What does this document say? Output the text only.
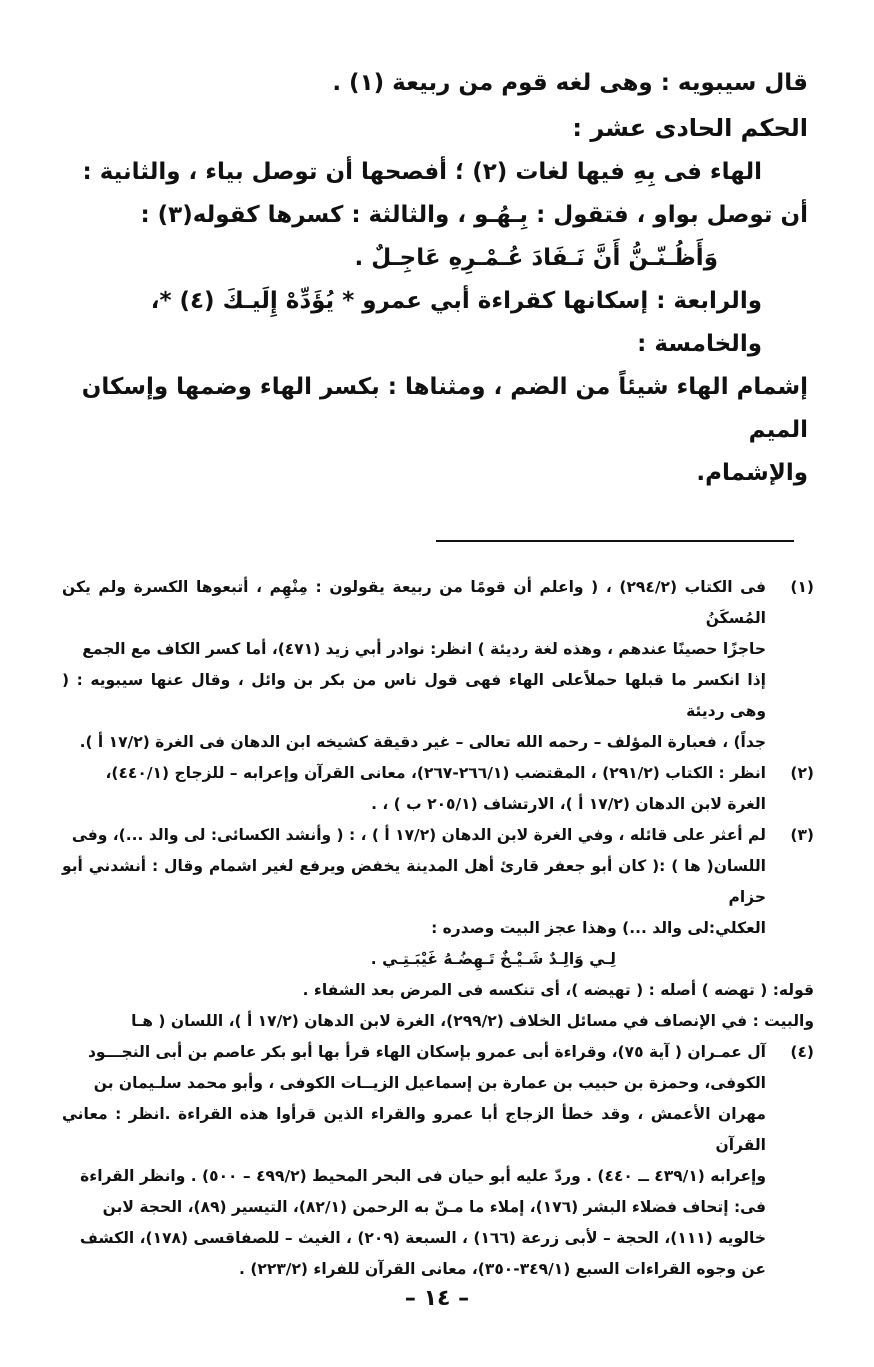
قال سيبويه : وهى لغه قوم من ربيعة (١) .

الحكم الحادى عشر :

الهاء فى بِهِ فيها لغات (٢) ؛ أفصحها أن توصل بياء ، والثانية :

أن توصل بواو ، فتقول : بِـهُـو ، والثالثة : كسرها كقوله(٣) :

وَأَظُـنّـنُّ أَنَّ نَـفَادَ عُـمْـرِهِ عَاجِـلٌ .

والرابعة : إسكانها كقراءة أبي عمرو * يُؤَدِّهْ إِلَيـكَ (٤) *، والخامسة :

إشمام الهاء شيئاً من الضم ، ومثناها : بكسر الهاء وضمها وإسكان الميم

والإشمام.

(١)
فى الكتاب (٢٩٤/٢) ، ( واعلم أن قومًا من ربيعة يقولون : مِنْهِم ، أتبعوها الكسرة ولم يكن المُسكَنُ
حاجزًا حصينًا عندهم ، وهذه لغة رديئة ) انظر: نوادر أبي زيد (٤٧١)، أما كسر الكاف مع الجمع
إذا انكسر ما قبلها حملاًعلى الهاء فهى قول ناس من بكر بن وائل ، وقال عنها سيبويه : ( وهى رديئة
جداً) ، فعبارة المؤلف – رحمه الله تعالى – غير دقيقة كشيخه ابن الدهان فى الغرة (١٧/٢ أ ).
(٢)
انظر : الكتاب (٢٩١/٢) ، المقتضب (٢٦٦/١-٢٦٧)، معانى القرآن وإعرابه – للزجاج (٤٤٠/١)،
الغرة لابن الدهان (١٧/٢ أ )، الارتشاف (٢٠٥/١ ب ) ، .
(٣)
لم أعثر على قائله ، وفي الغرة لابن الدهان (١٧/٢ أ ) ، : ( وأنشد الكسائى: لى والد ...)، وفى
اللسان( ها ) :( كان أبو جعفر قارئ أهل المدينة يخفض ويرفع لغير اشمام وقال : أنشدني أبو حزام
العكلي:لى والد ...) وهذا عجز البيت وصدره :
لِـي وَالِـدٌ شَـيْـخٌ تَـهِضُـهُ غَيْبَـتِـي .
قوله: ( تهضه ) أصله : ( تهيضه )، أى تنكسه فى المرض بعد الشفاء .
والبيت : في الإنصاف في مسائل الخلاف (٢٩٩/٢)، الغرة لابن الدهان (١٧/٢ أ )، اللسان ( هـا
(٤)
آل عمـران ( آية ٧٥)، وقراءة أبى عمرو بإسكان الهاء قرأ بها أبو بكر عاصم بن أبى النجـــود
الكوفى، وحمزة بن حبيب بن عمارة بن إسماعيل الزيــات الكوفى ، وأبو محمد سلـيمان بن
مهران الأعمش ، وقد خطأ الزجاج أبا عمرو والقراء الذين قرأوا هذه القراءة .انظر : معاني القرآن
وإعرابه (٤٣٩/١ ــ ٤٤٠) . وردّ عليه أبو حيان فى البحر المحيط (٤٩٩/٢ – ٥٠٠) . وانظر القراءة
فى: إتحاف فضلاء البشر (١٧٦)، إملاء ما مـنّ به الرحمن (٨٢/١)، التيسير (٨٩)، الحجة لابن
خالويه (١١١)، الحجة – لأبى زرعة (١٦٦) ، السبعة (٢٠٩) ، الغيث – للصفاقسى (١٧٨)، الكشف
عن وجوه القراءات السبع (٣٤٩/١-٣٥٠)، معانى القرآن للفراء (٢٢٣/٢) .
– ١٤ –
